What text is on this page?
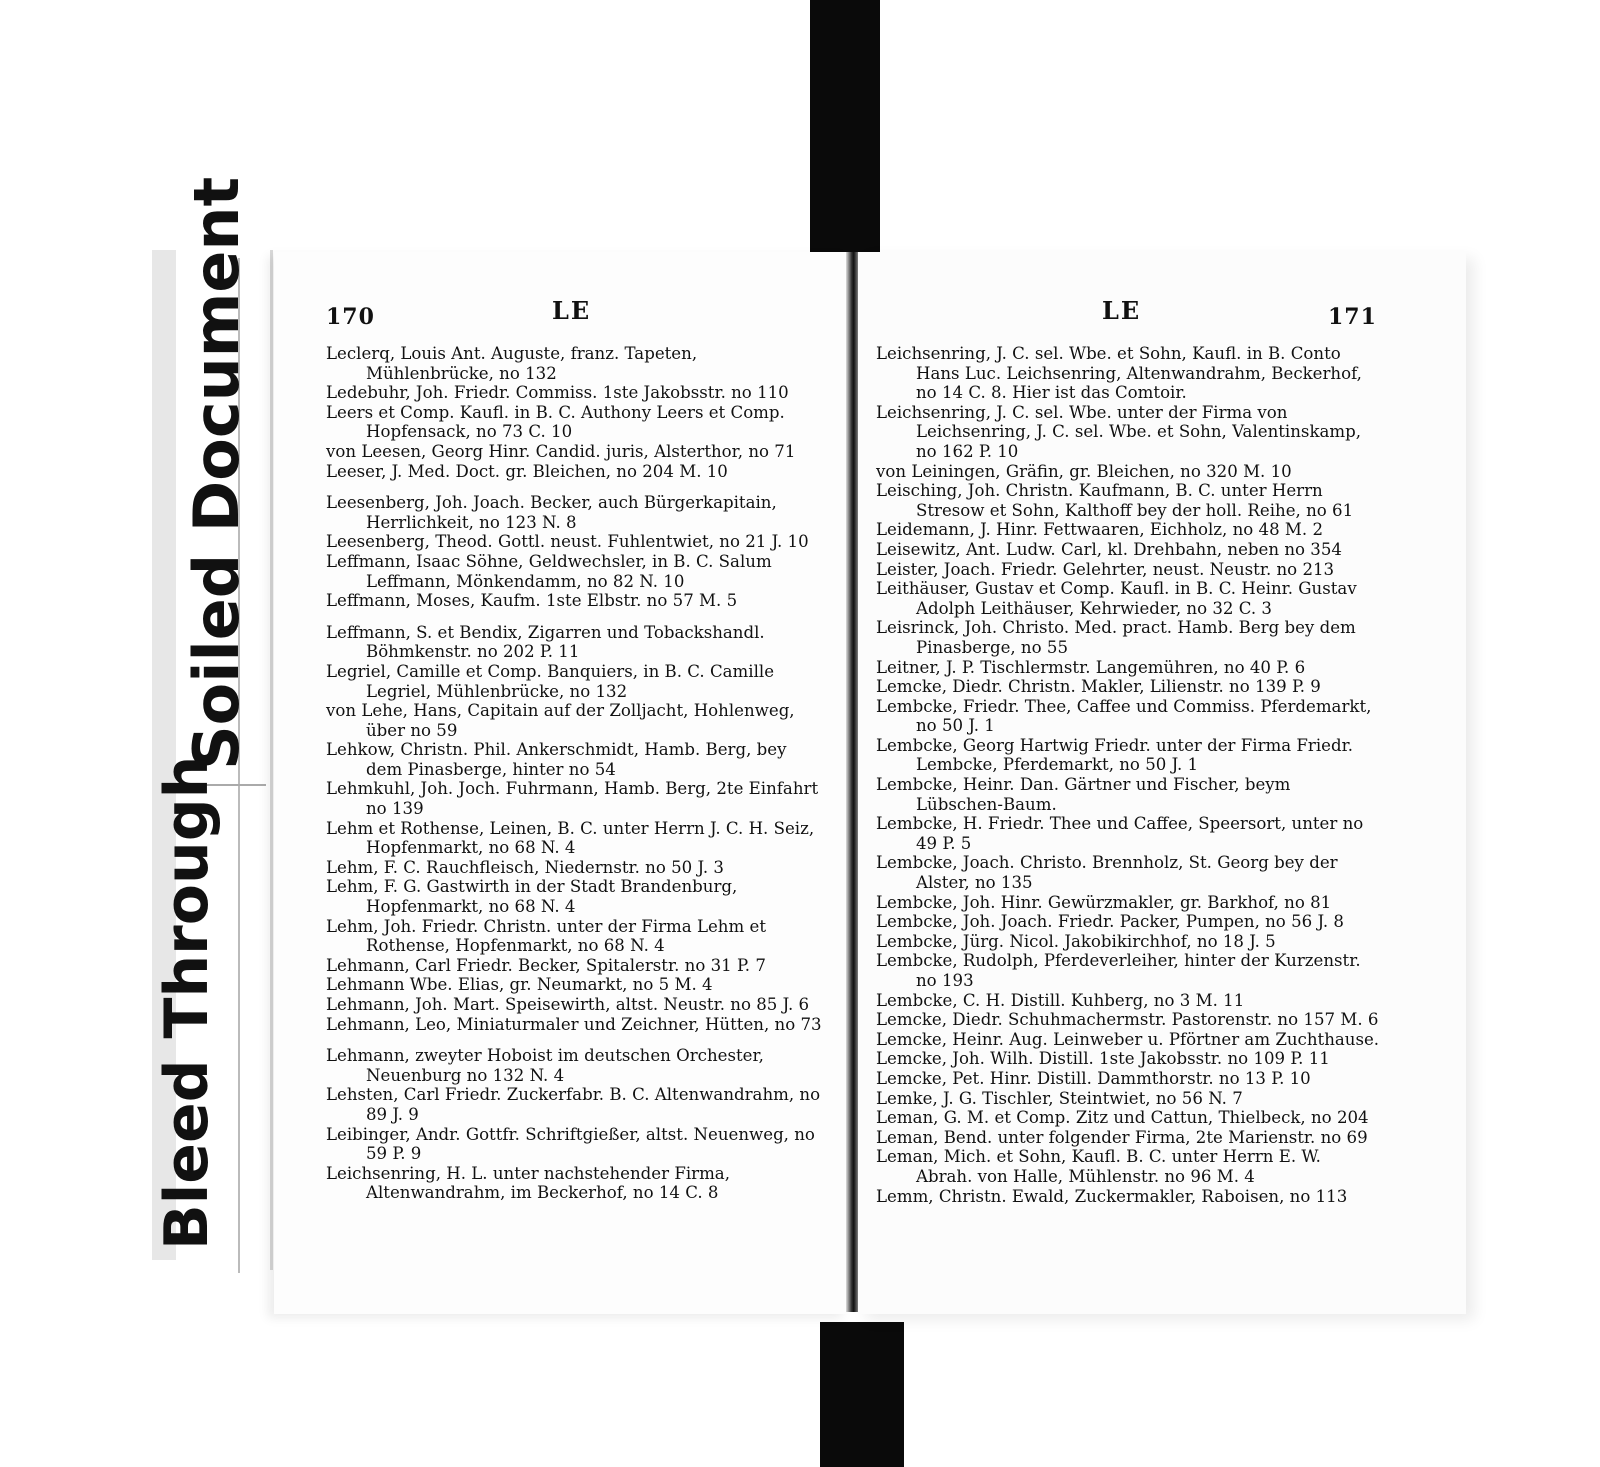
Soiled Document
Bleed Through
170	LE

Leclerq, Louis Ant. Auguste, franz. Tapeten, Mühlenbrücke, no 132

Ledebuhr, Joh. Friedr. Commiss. 1ste Jakobsstr. no 110

Leers et Comp. Kaufl. in B. C. Authony Leers et Comp. Hopfensack, no 73 C. 10

von Leesen, Georg Hinr. Candid. juris, Alsterthor, no 71

Leeser, J. Med. Doct. gr. Bleichen, no 204 M. 10

Leesenberg, Joh. Joach. Becker, auch Bürgerkapitain, Herrlichkeit, no 123 N. 8

Leesenberg, Theod. Gottl. neust. Fuhlentwiet, no 21 J. 10

Leffmann, Isaac Söhne, Geldwechsler, in B. C. Salum Leffmann, Mönkendamm, no 82 N. 10

Leffmann, Moses, Kaufm. 1ste Elbstr. no 57 M. 5

Leffmann, S. et Bendix, Zigarren und Tobackshandl. Böhmkenstr. no 202 P. 11

Legriel, Camille et Comp. Banquiers, in B. C. Camille Legriel, Mühlenbrücke, no 132

von Lehe, Hans, Capitain auf der Zolljacht, Hohlenweg, über no 59

Lehkow, Christn. Phil. Ankerschmidt, Hamb. Berg, bey dem Pinasberge, hinter no 54

Lehmkuhl, Joh. Joch. Fuhrmann, Hamb. Berg, 2te Einfahrt no 139

Lehm et Rothense, Leinen, B. C. unter Herrn J. C. H. Seiz, Hopfenmarkt, no 68 N. 4

Lehm, F. C. Rauchfleisch, Niedernstr. no 50 J. 3

Lehm, F. G. Gastwirth in der Stadt Brandenburg, Hopfenmarkt, no 68 N. 4

Lehm, Joh. Friedr. Christn. unter der Firma Lehm et Rothense, Hopfenmarkt, no 68 N. 4

Lehmann, Carl Friedr. Becker, Spitalerstr. no 31 P. 7

Lehmann Wbe. Elias, gr. Neumarkt, no 5 M. 4

Lehmann, Joh. Mart. Speisewirth, altst. Neustr. no 85 J. 6

Lehmann, Leo, Miniaturmaler und Zeichner, Hütten, no 73

Lehmann, zweyter Hoboist im deutschen Orchester, Neuenburg no 132 N. 4

Lehsten, Carl Friedr. Zuckerfabr. B. C. Altenwandrahm, no 89 J. 9

Leibinger, Andr. Gottfr. Schriftgießer, altst. Neuenweg, no 59 P. 9

Leichsenring, H. L. unter nachstehender Firma, Altenwandrahm, im Beckerhof, no 14 C. 8

LE	171

Leichsenring, J. C. sel. Wbe. et Sohn, Kaufl. in B. Conto Hans Luc. Leichsenring, Altenwandrahm, Beckerhof, no 14 C. 8. Hier ist das Comtoir.

Leichsenring, J. C. sel. Wbe. unter der Firma von Leichsenring, J. C. sel. Wbe. et Sohn, Valentinskamp, no 162 P. 10

von Leiningen, Gräfin, gr. Bleichen, no 320 M. 10

Leisching, Joh. Christn. Kaufmann, B. C. unter Herrn Stresow et Sohn, Kalthoff bey der holl. Reihe, no 61

Leidemann, J. Hinr. Fettwaaren, Eichholz, no 48 M. 2

Leisewitz, Ant. Ludw. Carl, kl. Drehbahn, neben no 354

Leister, Joach. Friedr. Gelehrter, neust. Neustr. no 213

Leithäuser, Gustav et Comp. Kaufl. in B. C. Heinr. Gustav Adolph Leithäuser, Kehrwieder, no 32 C. 3

Leisrinck, Joh. Christo. Med. pract. Hamb. Berg bey dem Pinasberge, no 55

Leitner, J. P. Tischlermstr. Langemühren, no 40 P. 6

Lemcke, Diedr. Christn. Makler, Lilienstr. no 139 P. 9

Lembcke, Friedr. Thee, Caffee und Commiss. Pferdemarkt, no 50 J. 1

Lembcke, Georg Hartwig Friedr. unter der Firma Friedr. Lembcke, Pferdemarkt, no 50 J. 1

Lembcke, Heinr. Dan. Gärtner und Fischer, beym Lübschen-Baum.

Lembcke, H. Friedr. Thee und Caffee, Speersort, unter no 49 P. 5

Lembcke, Joach. Christo. Brennholz, St. Georg bey der Alster, no 135

Lembcke, Joh. Hinr. Gewürzmakler, gr. Barkhof, no 81

Lembcke, Joh. Joach. Friedr. Packer, Pumpen, no 56 J. 8

Lembcke, Jürg. Nicol. Jakobikirchhof, no 18 J. 5

Lembcke, Rudolph, Pferdeverleiher, hinter der Kurzenstr. no 193

Lembcke, C. H. Distill. Kuhberg, no 3 M. 11

Lemcke, Diedr. Schuhmachermstr. Pastorenstr. no 157 M. 6

Lemcke, Heinr. Aug. Leinweber u. Pförtner am Zuchthause.

Lemcke, Joh. Wilh. Distill. 1ste Jakobsstr. no 109 P. 11

Lemcke, Pet. Hinr. Distill. Dammthorstr. no 13 P. 10

Lemke, J. G. Tischler, Steintwiet, no 56 N. 7

Leman, G. M. et Comp. Zitz und Cattun, Thielbeck, no 204

Leman, Bend. unter folgender Firma, 2te Marienstr. no 69

Leman, Mich. et Sohn, Kaufl. B. C. unter Herrn E. W. Abrah. von Halle, Mühlenstr. no 96 M. 4

Lemm, Christn. Ewald, Zuckermakler, Raboisen, no 113
